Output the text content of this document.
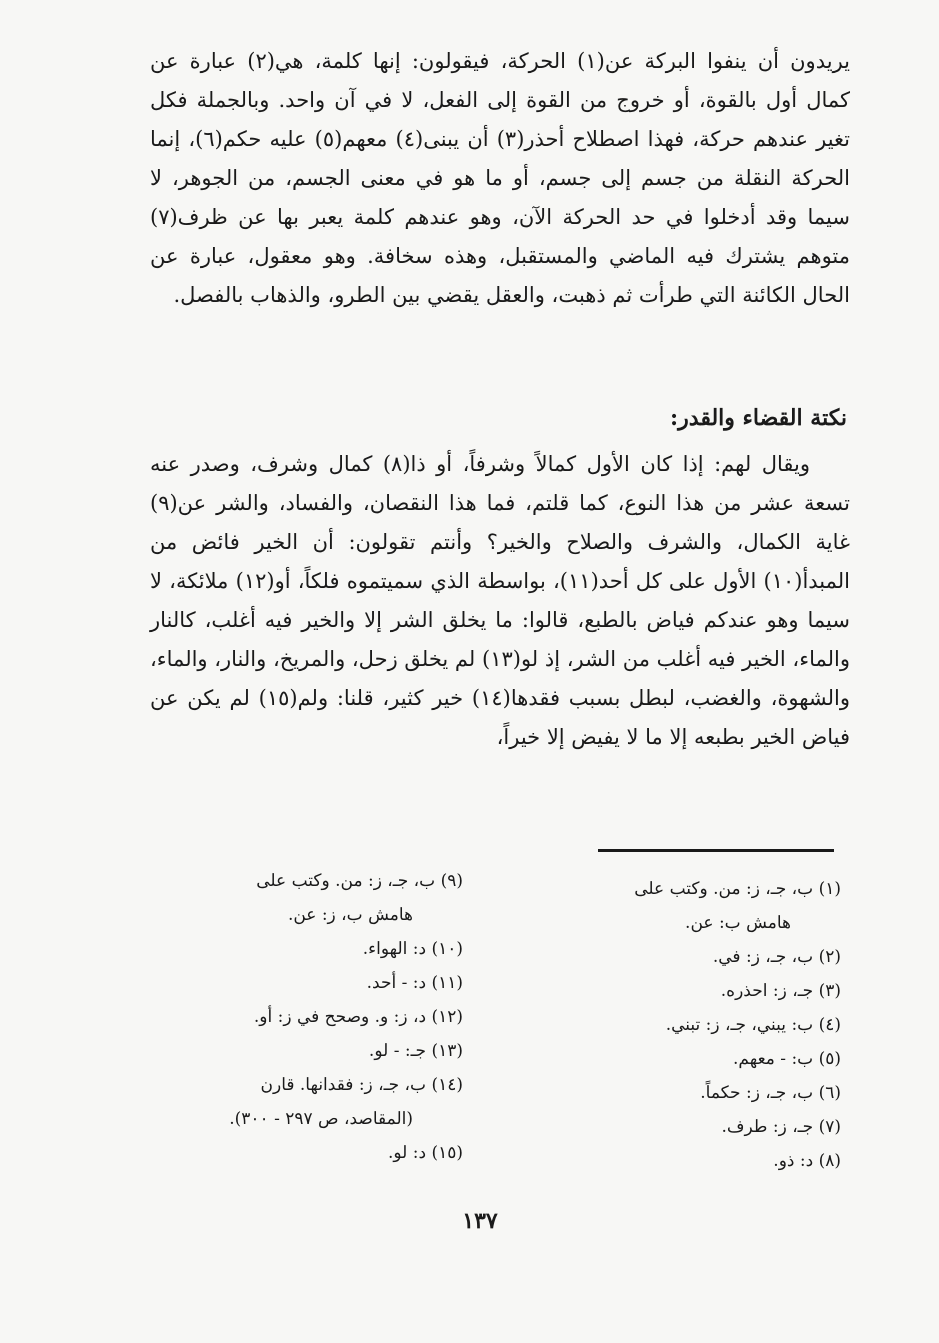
يريدون أن ينفوا البركة عن(١) الحركة، فيقولون: إنها كلمة، هي(٢) عبارة عن كمال أول بالقوة، أو خروج من القوة إلى الفعل، لا في آن واحد. وبالجملة فكل تغير عندهم حركة، فهذا اصطلاح أحذر(٣) أن يبنى(٤) معهم(٥) عليه حكم(٦)، إنما الحركة النقلة من جسم إلى جسم، أو ما هو في معنى الجسم، من الجوهر، لا سيما وقد أدخلوا في حد الحركة الآن، وهو عندهم كلمة يعبر بها عن ظرف(٧) متوهم يشترك فيه الماضي والمستقبل، وهذه سخافة. وهو معقول، عبارة عن الحال الكائنة التي طرأت ثم ذهبت، والعقل يقضي بين الطرو، والذهاب بالفصل.

نكتة القضاء والقدر:

ويقال لهم: إذا كان الأول كمالاً وشرفاً، أو ذا(٨) كمال وشرف، وصدر عنه تسعة عشر من هذا النوع، كما قلتم، فما هذا النقصان، والفساد، والشر عن(٩) غاية الكمال، والشرف والصلاح والخير؟ وأنتم تقولون: أن الخير فائض من المبدأ(١٠) الأول على كل أحد(١١)، بواسطة الذي سميتموه فلكاً، أو(١٢) ملائكة، لا سيما وهو عندكم فياض بالطبع، قالوا: ما يخلق الشر إلا والخير فيه أغلب، كالنار والماء، الخير فيه أغلب من الشر، إذ لو(١٣) لم يخلق زحل، والمريخ، والنار، والماء، والشهوة، والغضب، لبطل بسبب فقدها(١٤) خير كثير، قلنا: ولم(١٥) لم يكن عن فياض الخير بطبعه إلا ما لا يفيض إلا خيراً،

(١) ب، جـ، ز: من. وكتب على
هامش ب: عن.
(٢) ب، جـ، ز: في.
(٣) جـ، ز: احذره.
(٤) ب: يبني، جـ، ز: تبني.
(٥) ب: - معهم.
(٦) ب، جـ، ز: حكماً.
(٧) جـ، ز: طرف.
(٨) د: ذو.
(٩) ب، جـ، ز: من. وكتب على
هامش ب، ز: عن.
(١٠) د: الهواء.
(١١) د: - أحد.
(١٢) د، ز: و. وصحح في ز: أو.
(١٣) جـ: - لو.
(١٤) ب، جـ، ز: فقدانها. قارن
(المقاصد، ص ٢٩٧ - ٣٠٠).
(١٥) د: لو.
١٣٧
